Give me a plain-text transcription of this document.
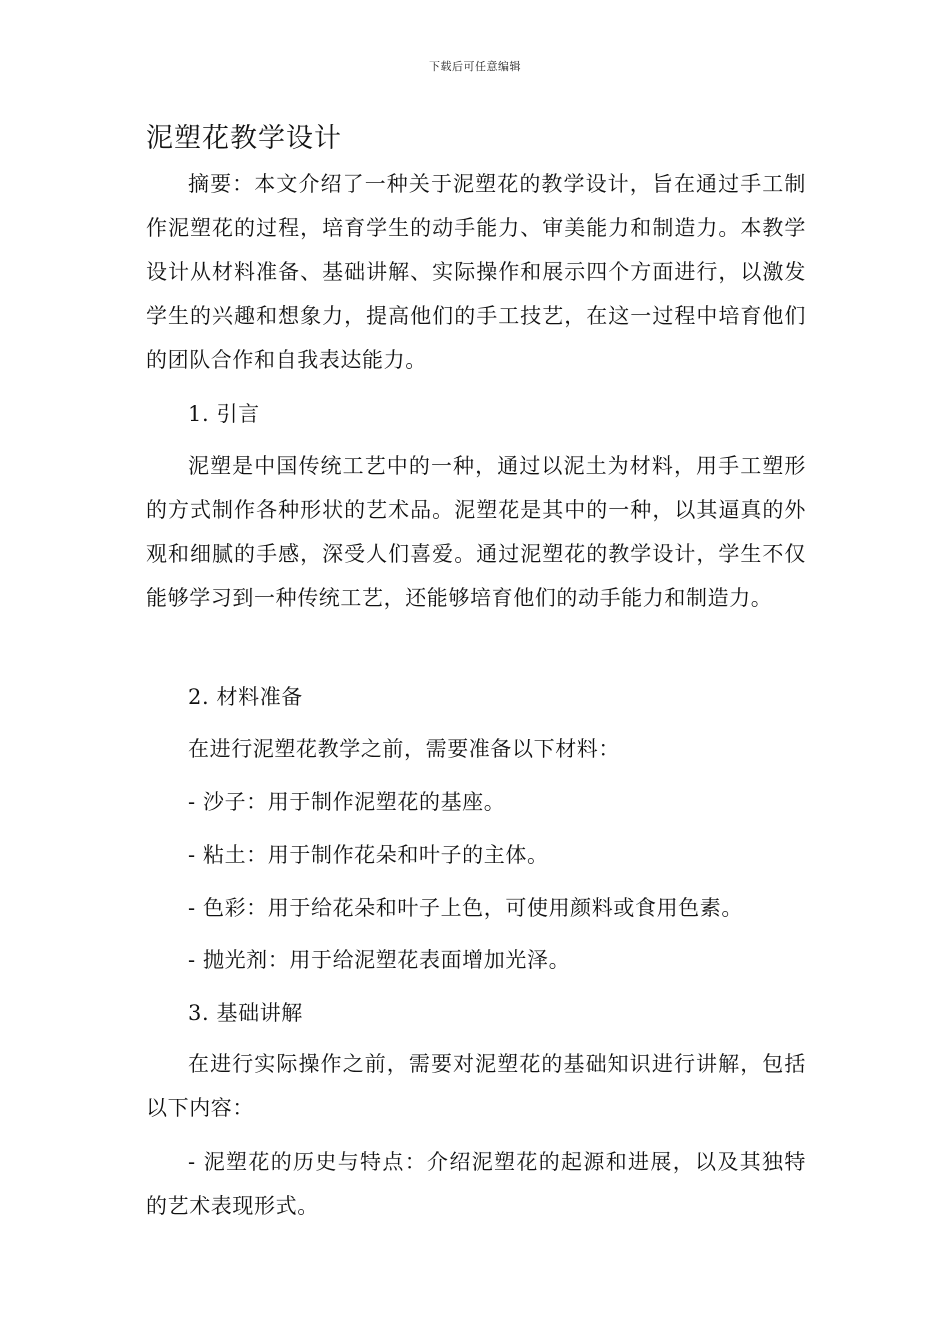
下载后可任意编辑
泥塑花教学设计
摘要：本文介绍了一种关于泥塑花的教学设计，旨在通过手工制作泥塑花的过程，培育学生的动手能力、审美能力和制造力。本教学设计从材料准备、基础讲解、实际操作和展示四个方面进行，以激发学生的兴趣和想象力，提高他们的手工技艺，在这一过程中培育他们的团队合作和自我表达能力。
1. 引言
泥塑是中国传统工艺中的一种，通过以泥土为材料，用手工塑形的方式制作各种形状的艺术品。泥塑花是其中的一种，以其逼真的外观和细腻的手感，深受人们喜爱。通过泥塑花的教学设计，学生不仅能够学习到一种传统工艺，还能够培育他们的动手能力和制造力。
2. 材料准备
在进行泥塑花教学之前，需要准备以下材料：
- 沙子：用于制作泥塑花的基座。
- 粘土：用于制作花朵和叶子的主体。
- 色彩：用于给花朵和叶子上色，可使用颜料或食用色素。
- 抛光剂：用于给泥塑花表面增加光泽。
3. 基础讲解
在进行实际操作之前，需要对泥塑花的基础知识进行讲解，包括以下内容：
- 泥塑花的历史与特点：介绍泥塑花的起源和进展，以及其独特的艺术表现形式。
